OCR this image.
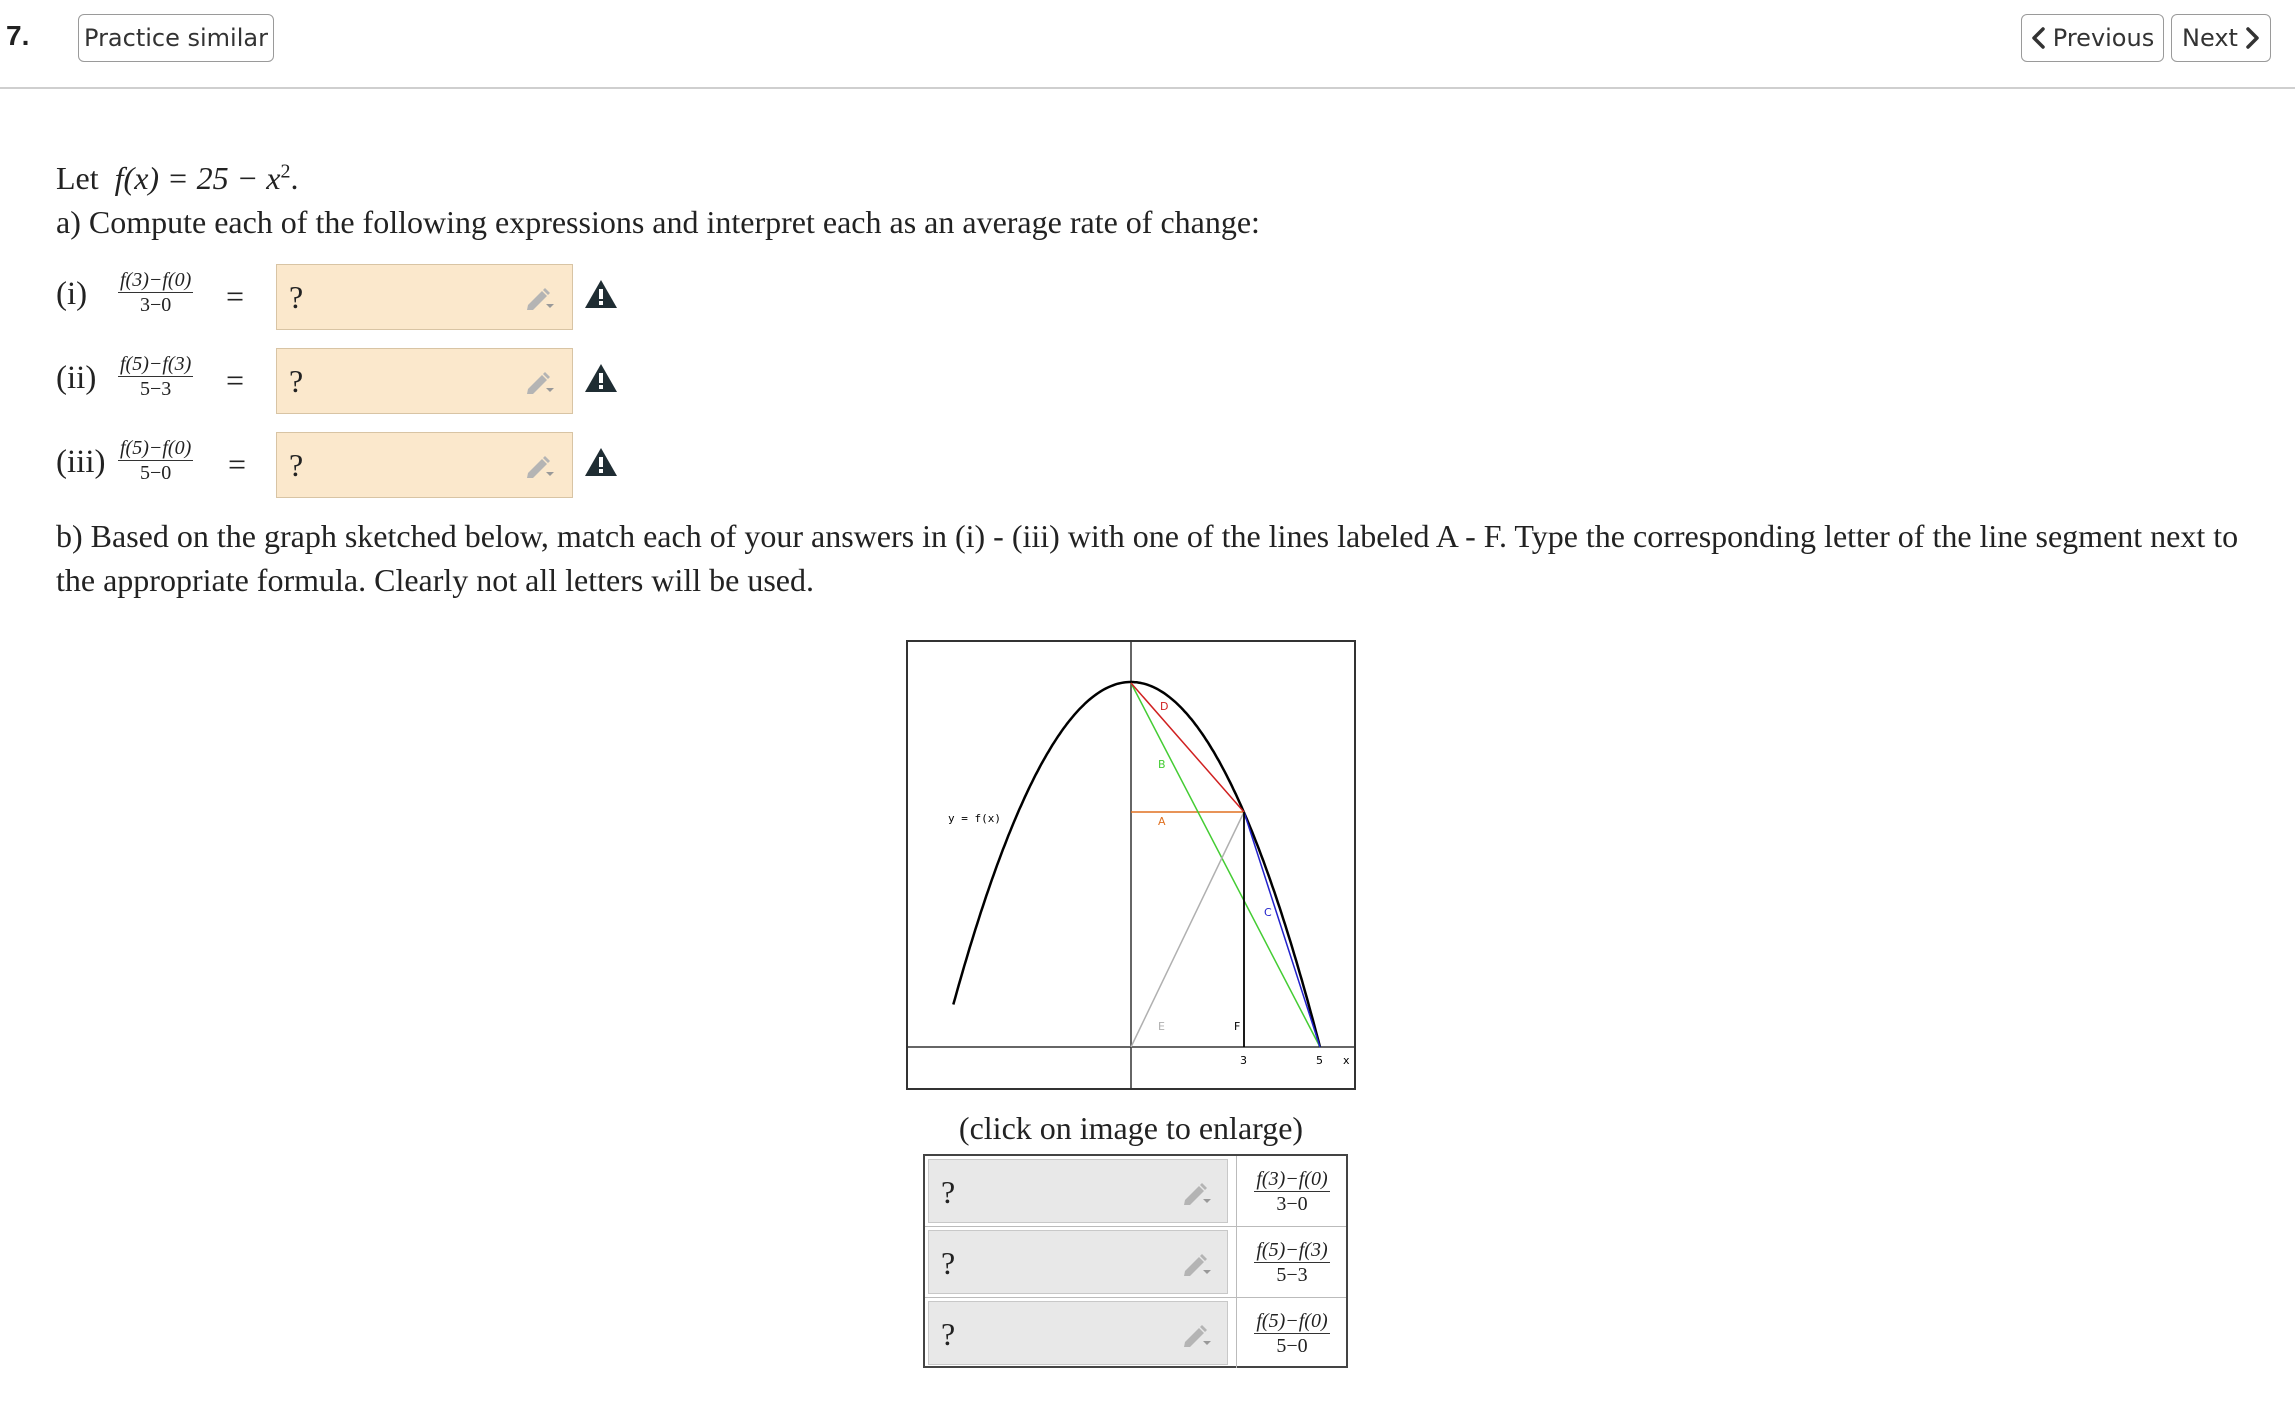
7. Practice similar	Previous Next
Let $f(x) = 25 - x^2$.
a) Compute each of the following expressions and interpret each as an average rate of change:
$(i) \frac{f(3)-f(0)}{3-0}$ = ?
$(ii) \frac{f(5)-f(3)}{5-3}$ = ?
$(iii) \frac{f(5)-f(0)}{5-0}$ = ?
b) Based on the graph sketched below, match each of your answers in (i) - (iii) with one of the lines labeled A - F. Type the corresponding letter of the line segment next to the appropriate formula. Clearly not all letters will be used.
D
B
A
C
E	F
y = f(x)
3	5 x
(click on image to enlarge)
?	$\frac{f(3)-f(0)}{3-0}$
?	$\frac{f(5)-f(3)}{5-3}$
?	$\frac{f(5)-f(0)}{5-0}$
